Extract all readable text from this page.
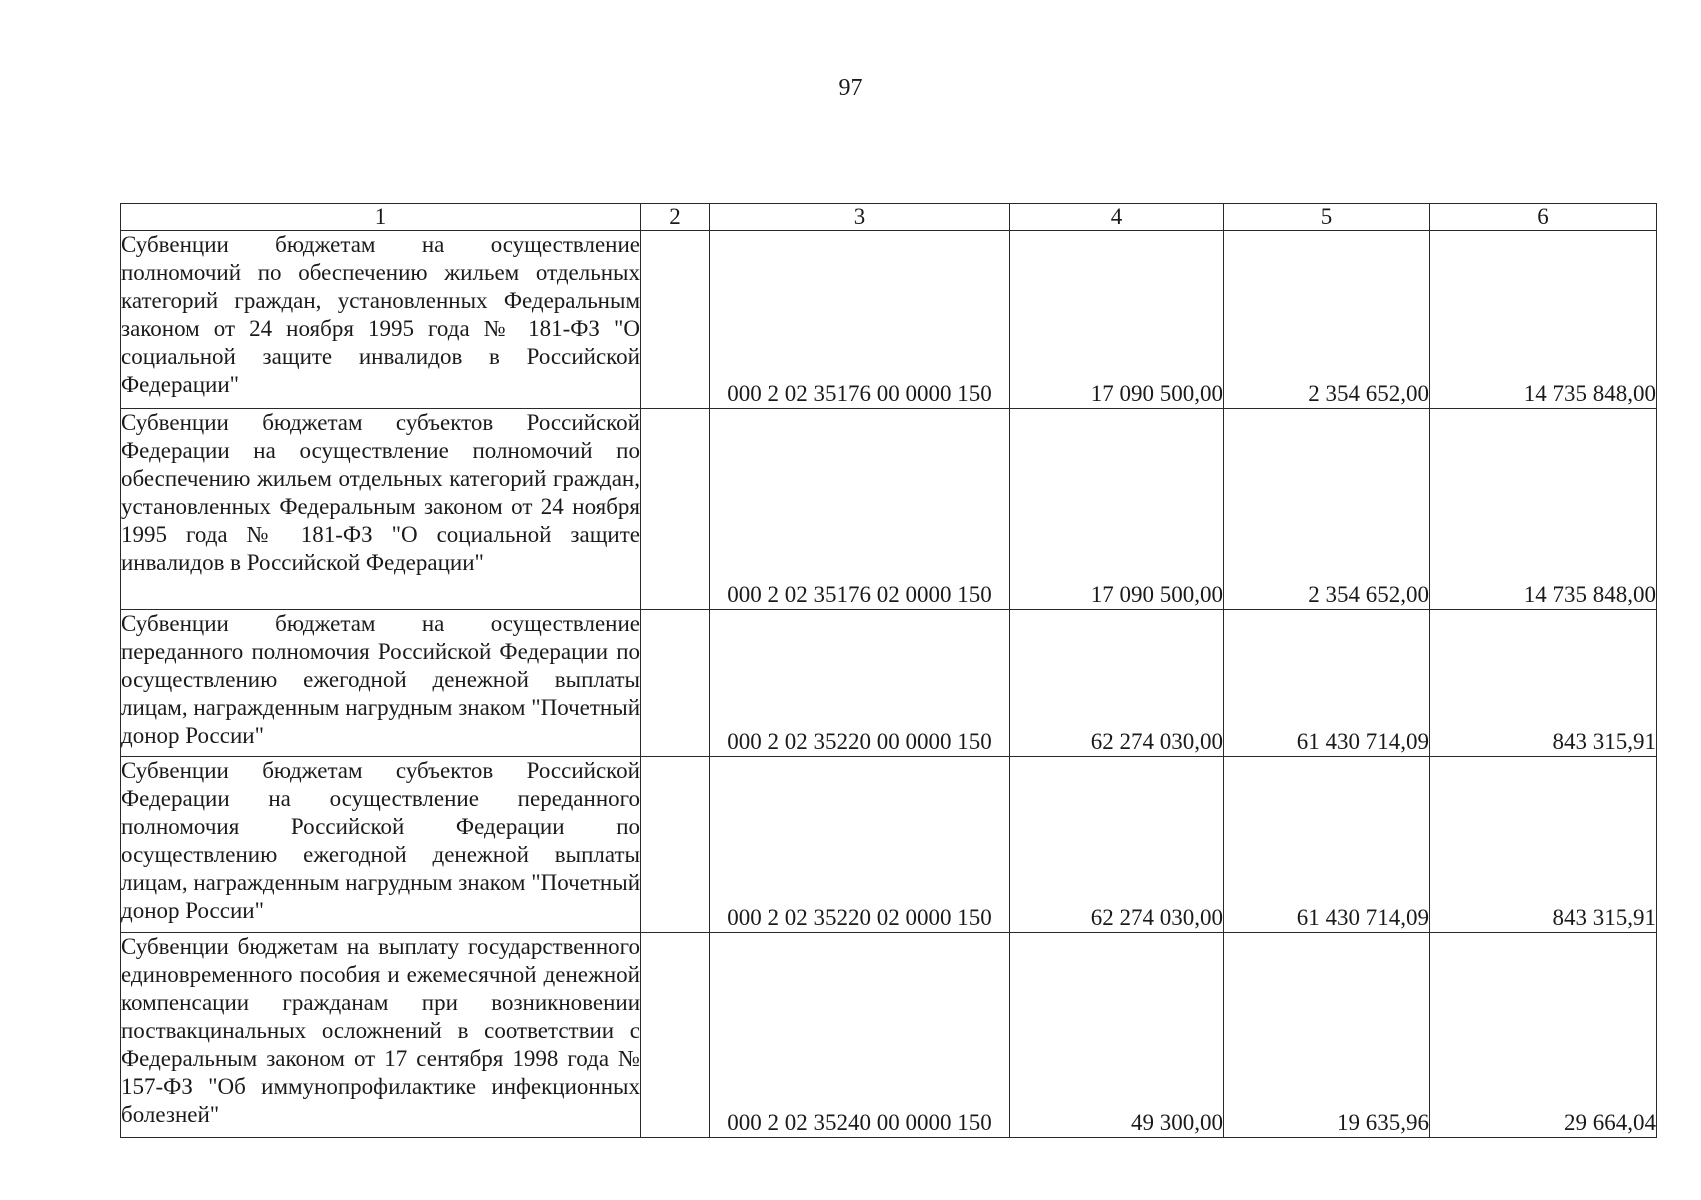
97
1	2	3	4	5	6
Субвенции бюджетам на осуществление полномочий по обеспечению жильем отдельных категорий граждан, установленных Федеральным законом от 24 ноября 1995 года № 181-ФЗ "О социальной защите инвалидов в Российской Федерации"		000 2 02 35176 00 0000 150	17 090 500,00	2 354 652,00	14 735 848,00
Субвенции бюджетам субъектов Российской Федерации на осуществление полномочий по обеспечению жильем отдельных категорий граждан, установленных Федеральным законом от 24 ноября 1995 года № 181-ФЗ "О социальной защите инвалидов в Российской Федерации"		000 2 02 35176 02 0000 150	17 090 500,00	2 354 652,00	14 735 848,00
Субвенции бюджетам на осуществление переданного полномочия Российской Федерации по осуществлению ежегодной денежной выплаты лицам, награжденным нагрудным знаком "Почетный донор России"		000 2 02 35220 00 0000 150	62 274 030,00	61 430 714,09	843 315,91
Субвенции бюджетам субъектов Российской Федерации на осуществление переданного полномочия Российской Федерации по осуществлению ежегодной денежной выплаты лицам, награжденным нагрудным знаком "Почетный донор России"		000 2 02 35220 02 0000 150	62 274 030,00	61 430 714,09	843 315,91
Субвенции бюджетам на выплату государственного единовременного пособия и ежемесячной денежной компенсации гражданам при возникновении поствакцинальных осложнений в соответствии с Федеральным законом от 17 сентября 1998 года № 157-ФЗ "Об иммунопрофилактике инфекционных болезней"		000 2 02 35240 00 0000 150	49 300,00	19 635,96	29 664,04
